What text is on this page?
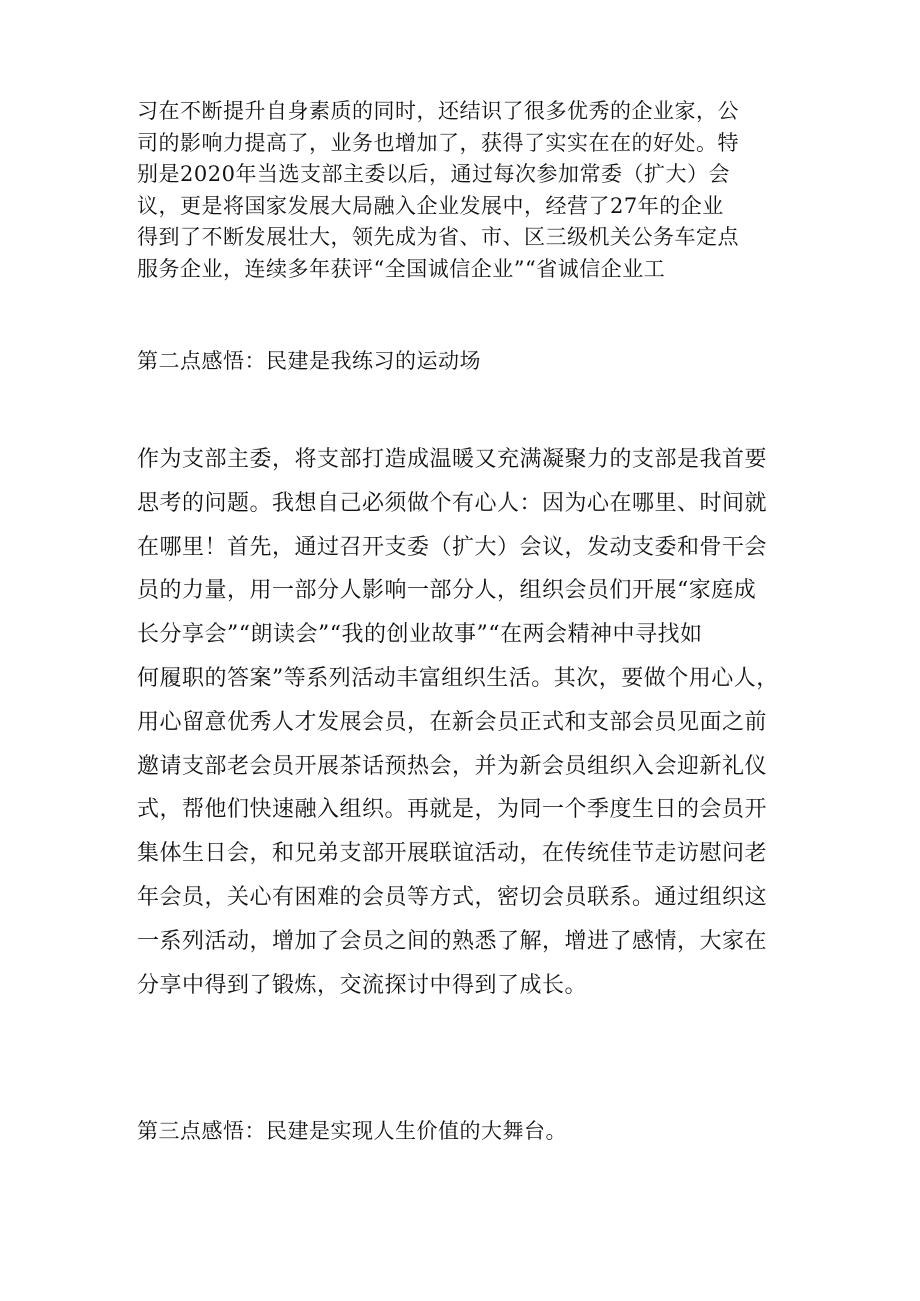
习在不断提升自身素质的同时，还结识了很多优秀的企业家，公
司的影响力提高了，业务也增加了，获得了实实在在的好处。特
别是2020年当选支部主委以后，通过每次参加常委（扩大）会
议，更是将国家发展大局融入企业发展中，经营了27年的企业
得到了不断发展壮大，领先成为省、市、区三级机关公务车定点
服务企业，连续多年获评“全国诚信企业”“省诚信企业工
第二点感悟：民建是我练习的运动场
作为支部主委，将支部打造成温暖又充满凝聚力的支部是我首要
思考的问题。我想自己必须做个有心人：因为心在哪里、时间就
在哪里！首先，通过召开支委（扩大）会议，发动支委和骨干会
员的力量，用一部分人影响一部分人，组织会员们开展“家庭成
长分享会”“朗读会”“我的创业故事”“在两会精神中寻找如
何履职的答案”等系列活动丰富组织生活。其次，要做个用心人，
用心留意优秀人才发展会员，在新会员正式和支部会员见面之前
邀请支部老会员开展茶话预热会，并为新会员组织入会迎新礼仪
式，帮他们快速融入组织。再就是，为同一个季度生日的会员开
集体生日会，和兄弟支部开展联谊活动，在传统佳节走访慰问老
年会员，关心有困难的会员等方式，密切会员联系。通过组织这
一系列活动，增加了会员之间的熟悉了解，增进了感情，大家在
分享中得到了锻炼，交流探讨中得到了成长。
第三点感悟：民建是实现人生价值的大舞台。
